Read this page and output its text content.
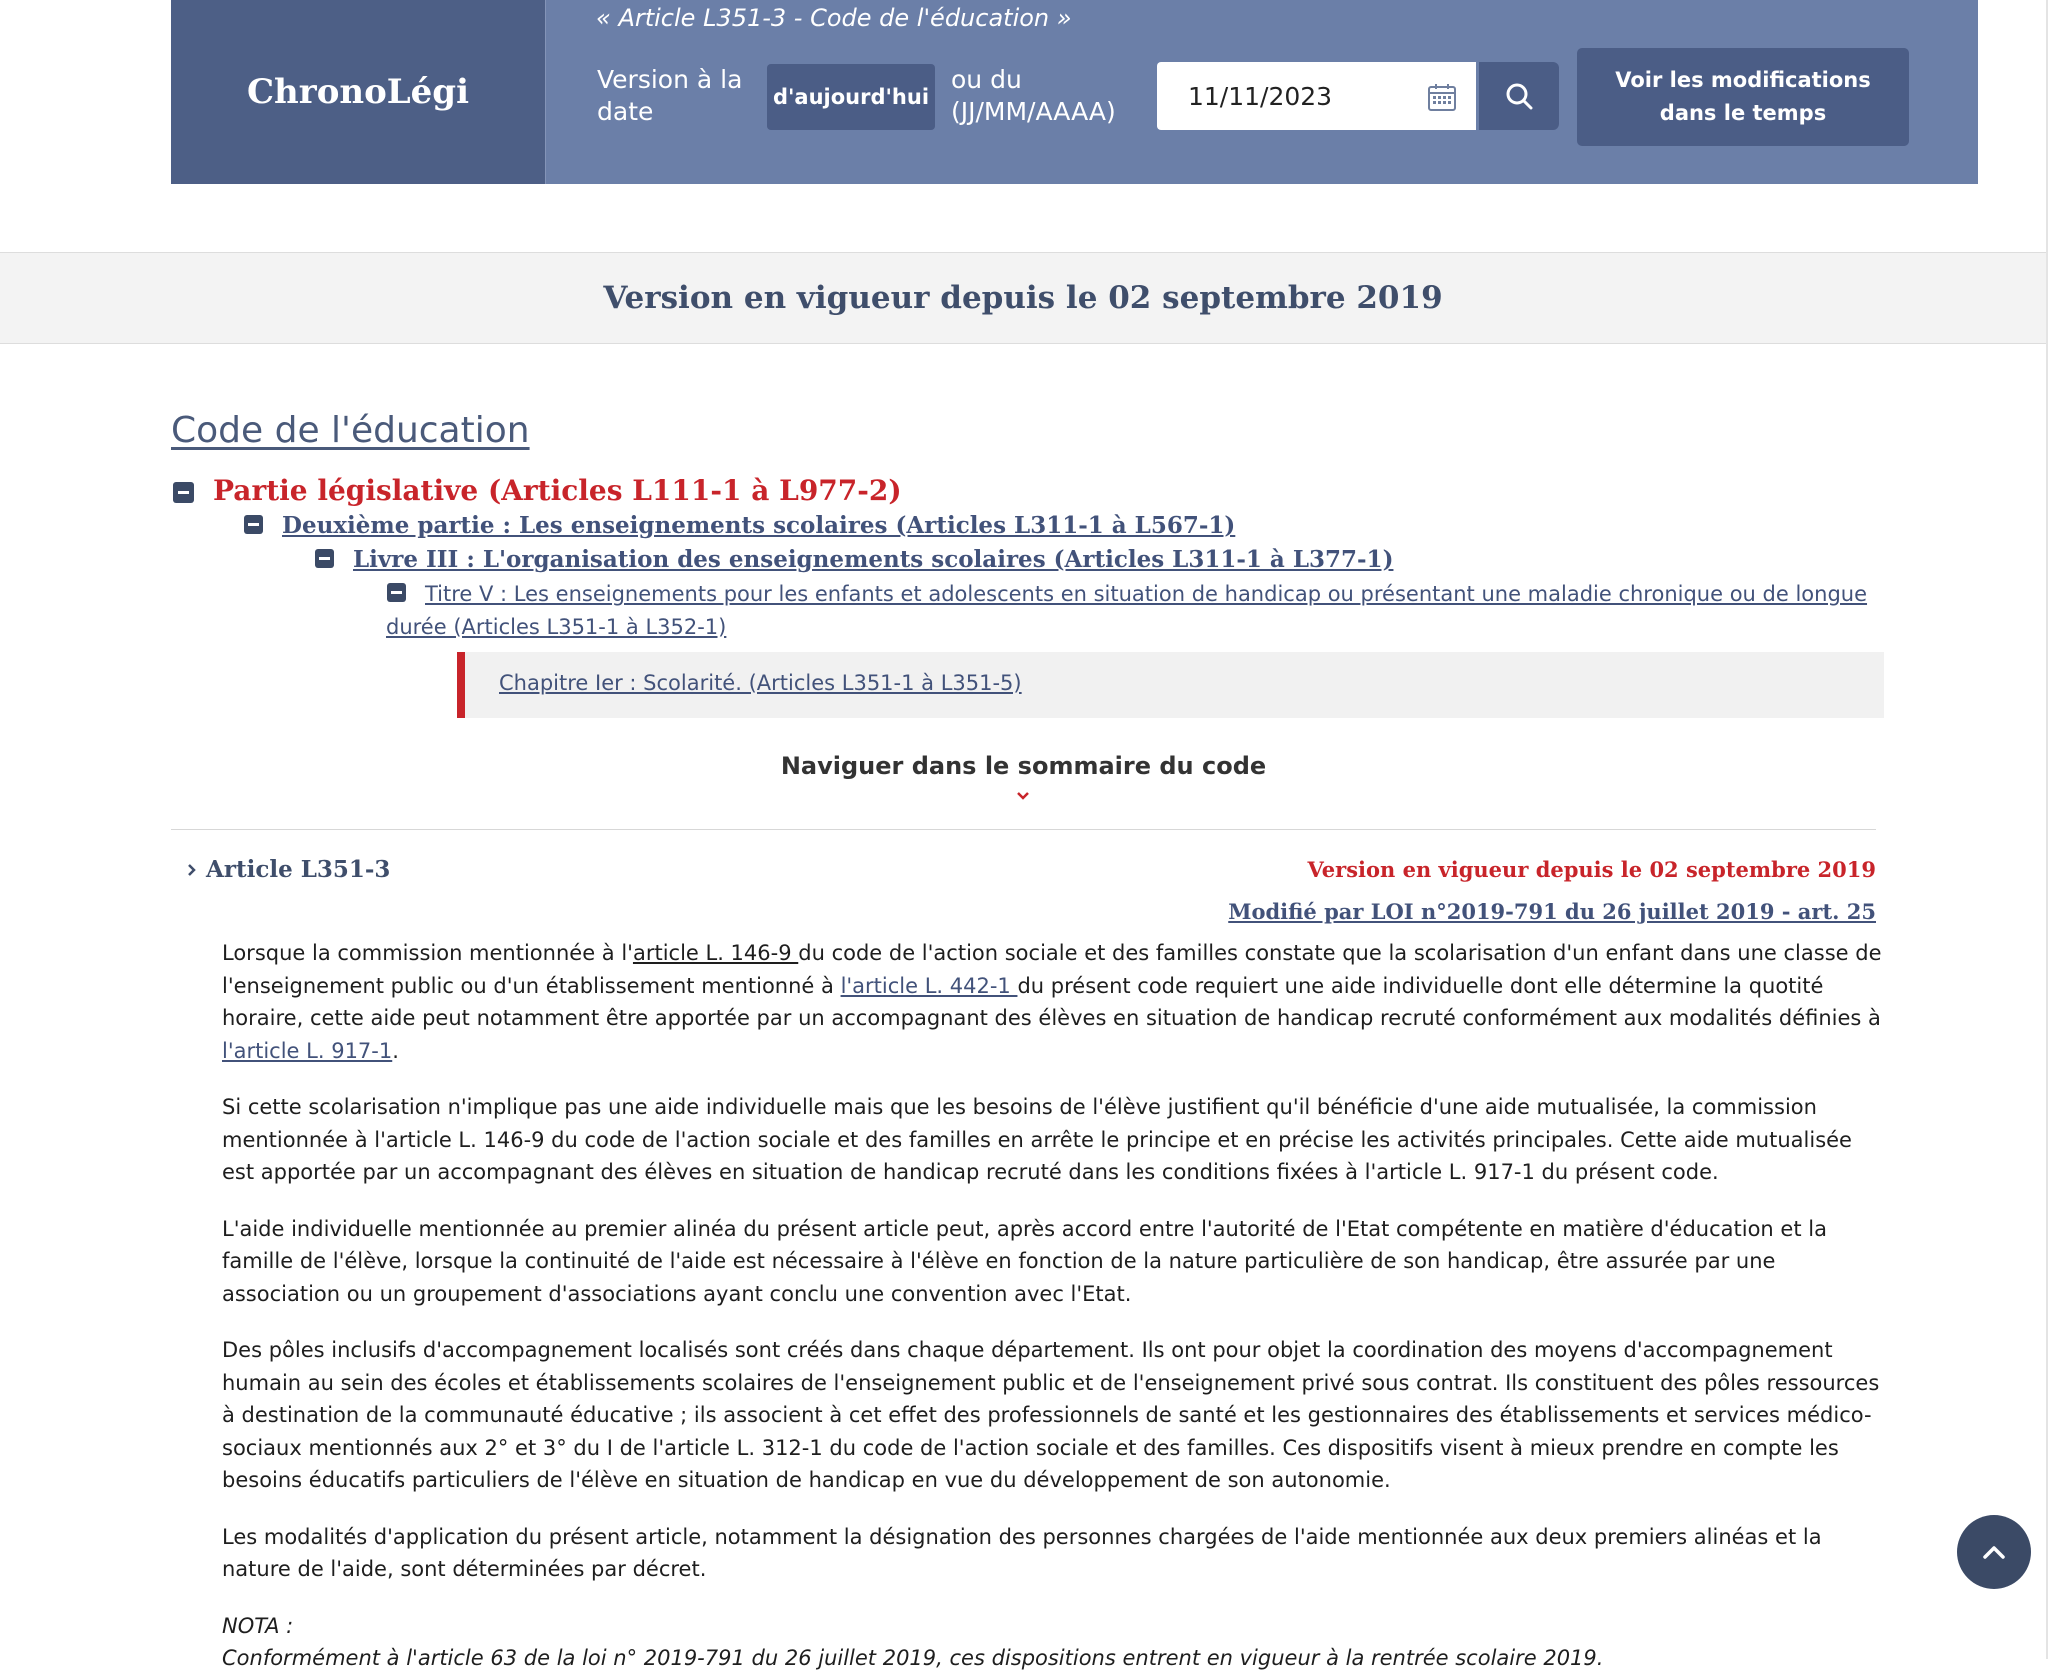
ChronoLégi
« Article L351-3 - Code de l'éducation »
Version à la date	d'aujourd'hui
ou du (JJ/MM/AAAA)
11/11/2023
Voir les modifications dans le temps
Version en vigueur depuis le 02 septembre 2019
Code de l'éducation
Partie législative (Articles L111-1 à L977-2)
Deuxième partie : Les enseignements scolaires (Articles L311-1 à L567-1)
Livre III : L'organisation des enseignements scolaires (Articles L311-1 à L377-1)
Titre V : Les enseignements pour les enfants et adolescents en situation de handicap ou présentant une maladie chronique ou de longue durée (Articles L351-1 à L352-1)
Chapitre Ier : Scolarité. (Articles L351-1 à L351-5)
Naviguer dans le sommaire du code
Article L351-3	Version en vigueur depuis le 02 septembre 2019
Modifié par LOI n°2019-791 du 26 juillet 2019 - art. 25

Lorsque la commission mentionnée à l'article L. 146-9 du code de l'action sociale et des familles constate que la scolarisation d'un enfant dans une classe de l'enseignement public ou d'un établissement mentionné à l'article L. 442-1 du présent code requiert une aide individuelle dont elle détermine la quotité horaire, cette aide peut notamment être apportée par un accompagnant des élèves en situation de handicap recruté conformément aux modalités définies à l'article L. 917-1.

Si cette scolarisation n'implique pas une aide individuelle mais que les besoins de l'élève justifient qu'il bénéficie d'une aide mutualisée, la commission mentionnée à l'article L. 146-9 du code de l'action sociale et des familles en arrête le principe et en précise les activités principales. Cette aide mutualisée est apportée par un accompagnant des élèves en situation de handicap recruté dans les conditions fixées à l'article L. 917-1 du présent code.

L'aide individuelle mentionnée au premier alinéa du présent article peut, après accord entre l'autorité de l'Etat compétente en matière d'éducation et la famille de l'élève, lorsque la continuité de l'aide est nécessaire à l'élève en fonction de la nature particulière de son handicap, être assurée par une association ou un groupement d'associations ayant conclu une convention avec l'Etat.

Des pôles inclusifs d'accompagnement localisés sont créés dans chaque département. Ils ont pour objet la coordination des moyens d'accompagnement humain au sein des écoles et établissements scolaires de l'enseignement public et de l'enseignement privé sous contrat. Ils constituent des pôles ressources à destination de la communauté éducative ; ils associent à cet effet des professionnels de santé et les gestionnaires des établissements et services médico-sociaux mentionnés aux 2° et 3° du I de l'article L. 312-1 du code de l'action sociale et des familles. Ces dispositifs visent à mieux prendre en compte les besoins éducatifs particuliers de l'élève en situation de handicap en vue du développement de son autonomie.

Les modalités d'application du présent article, notamment la désignation des personnes chargées de l'aide mentionnée aux deux premiers alinéas et la nature de l'aide, sont déterminées par décret.

NOTA :
Conformément à l'article 63 de la loi n° 2019-791 du 26 juillet 2019, ces dispositions entrent en vigueur à la rentrée scolaire 2019.
